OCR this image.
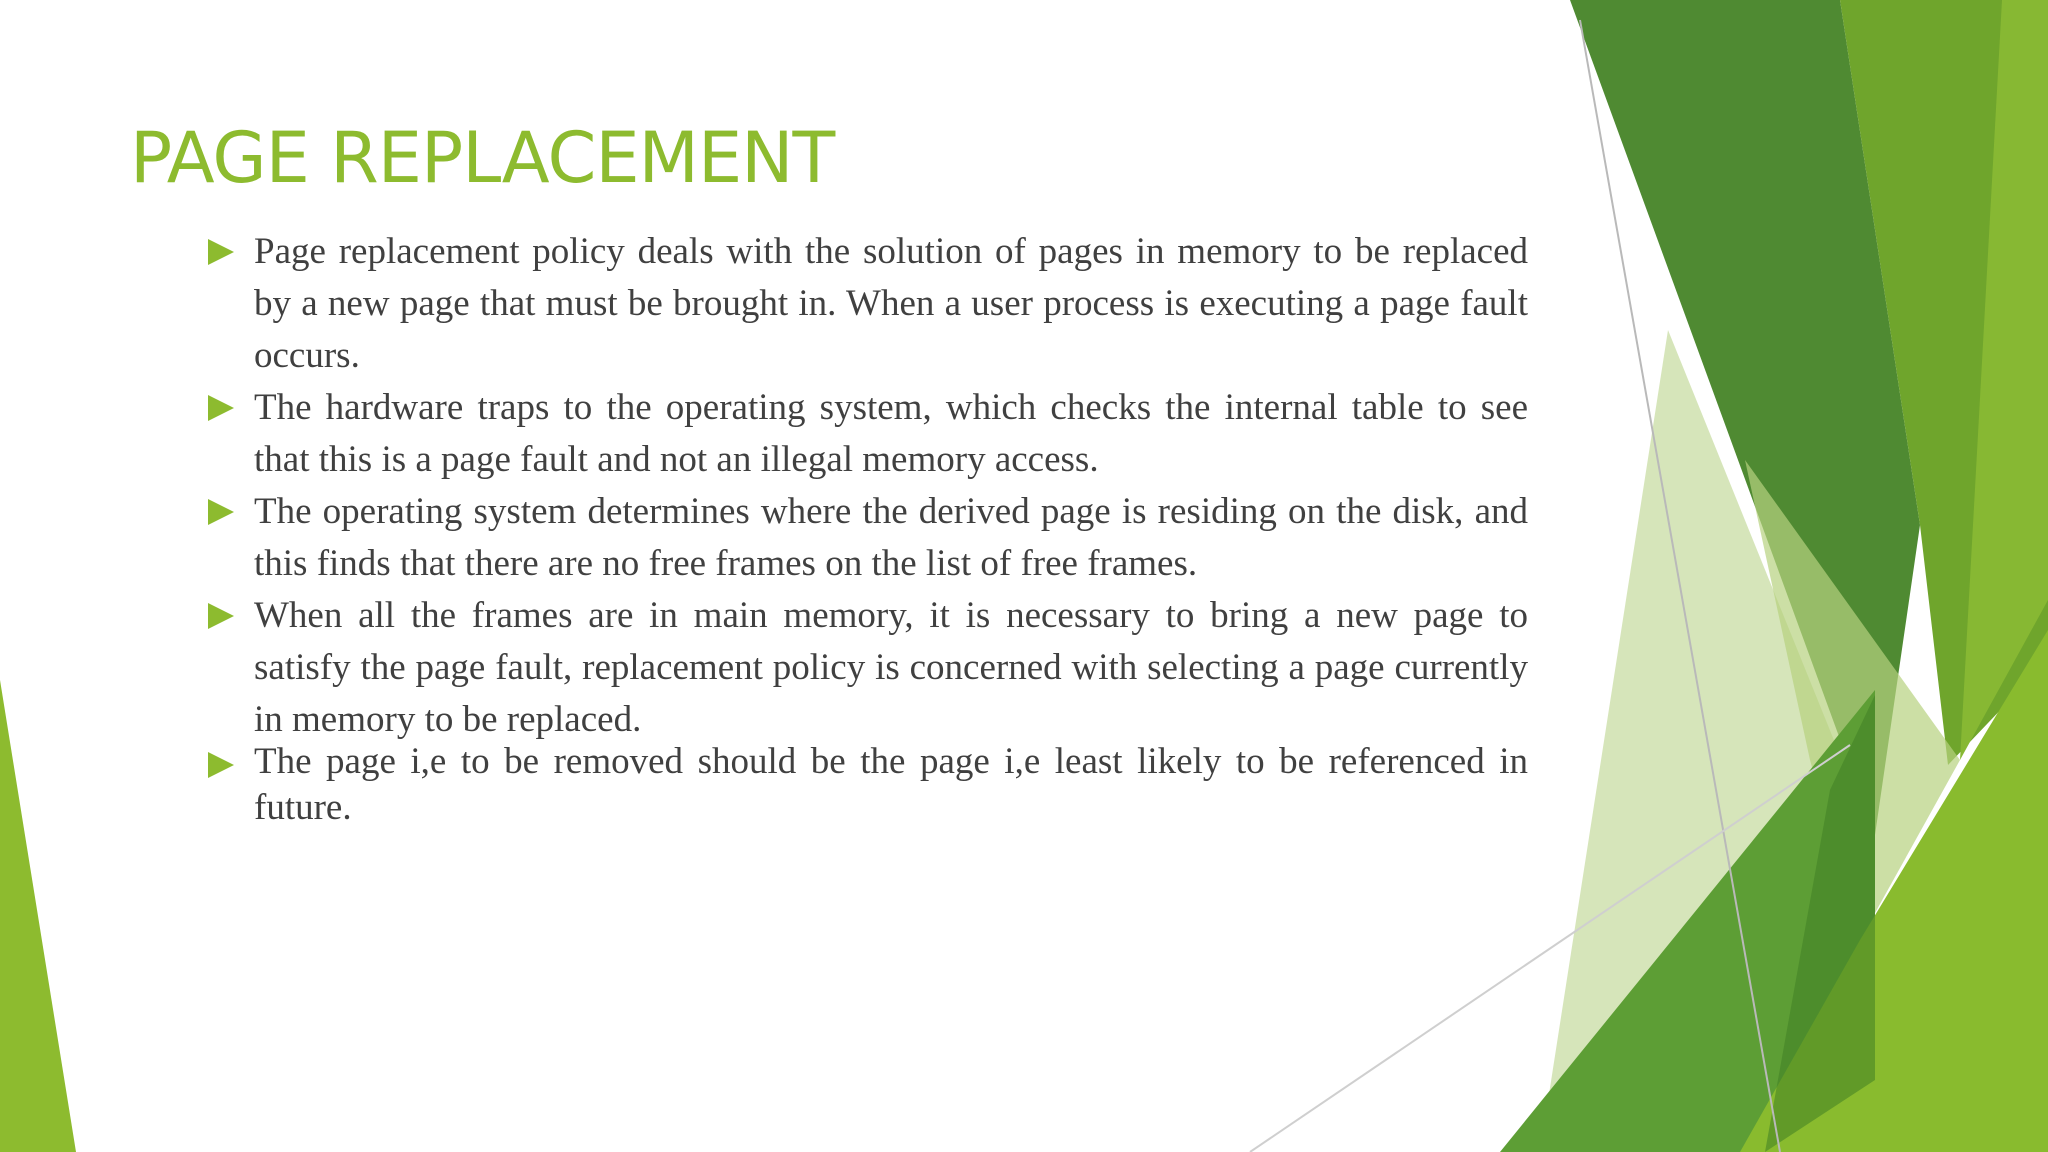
PAGE REPLACEMENT
Page replacement policy deals with the solution of pages in memory to be replaced by a new page that must be brought in. When a user process is executing a page fault occurs.
The hardware traps to the operating system, which checks the internal table to see that this is a page fault and not an illegal memory access.
The operating system determines where the derived page is residing on the disk, and this finds that there are no free frames on the list of free frames.
When all the frames are in main memory, it is necessary to bring a new page to satisfy the page fault, replacement policy is concerned with selecting a page currently in memory to be replaced.
The page i,e to be removed should be the page i,e least likely to be referenced in future.
